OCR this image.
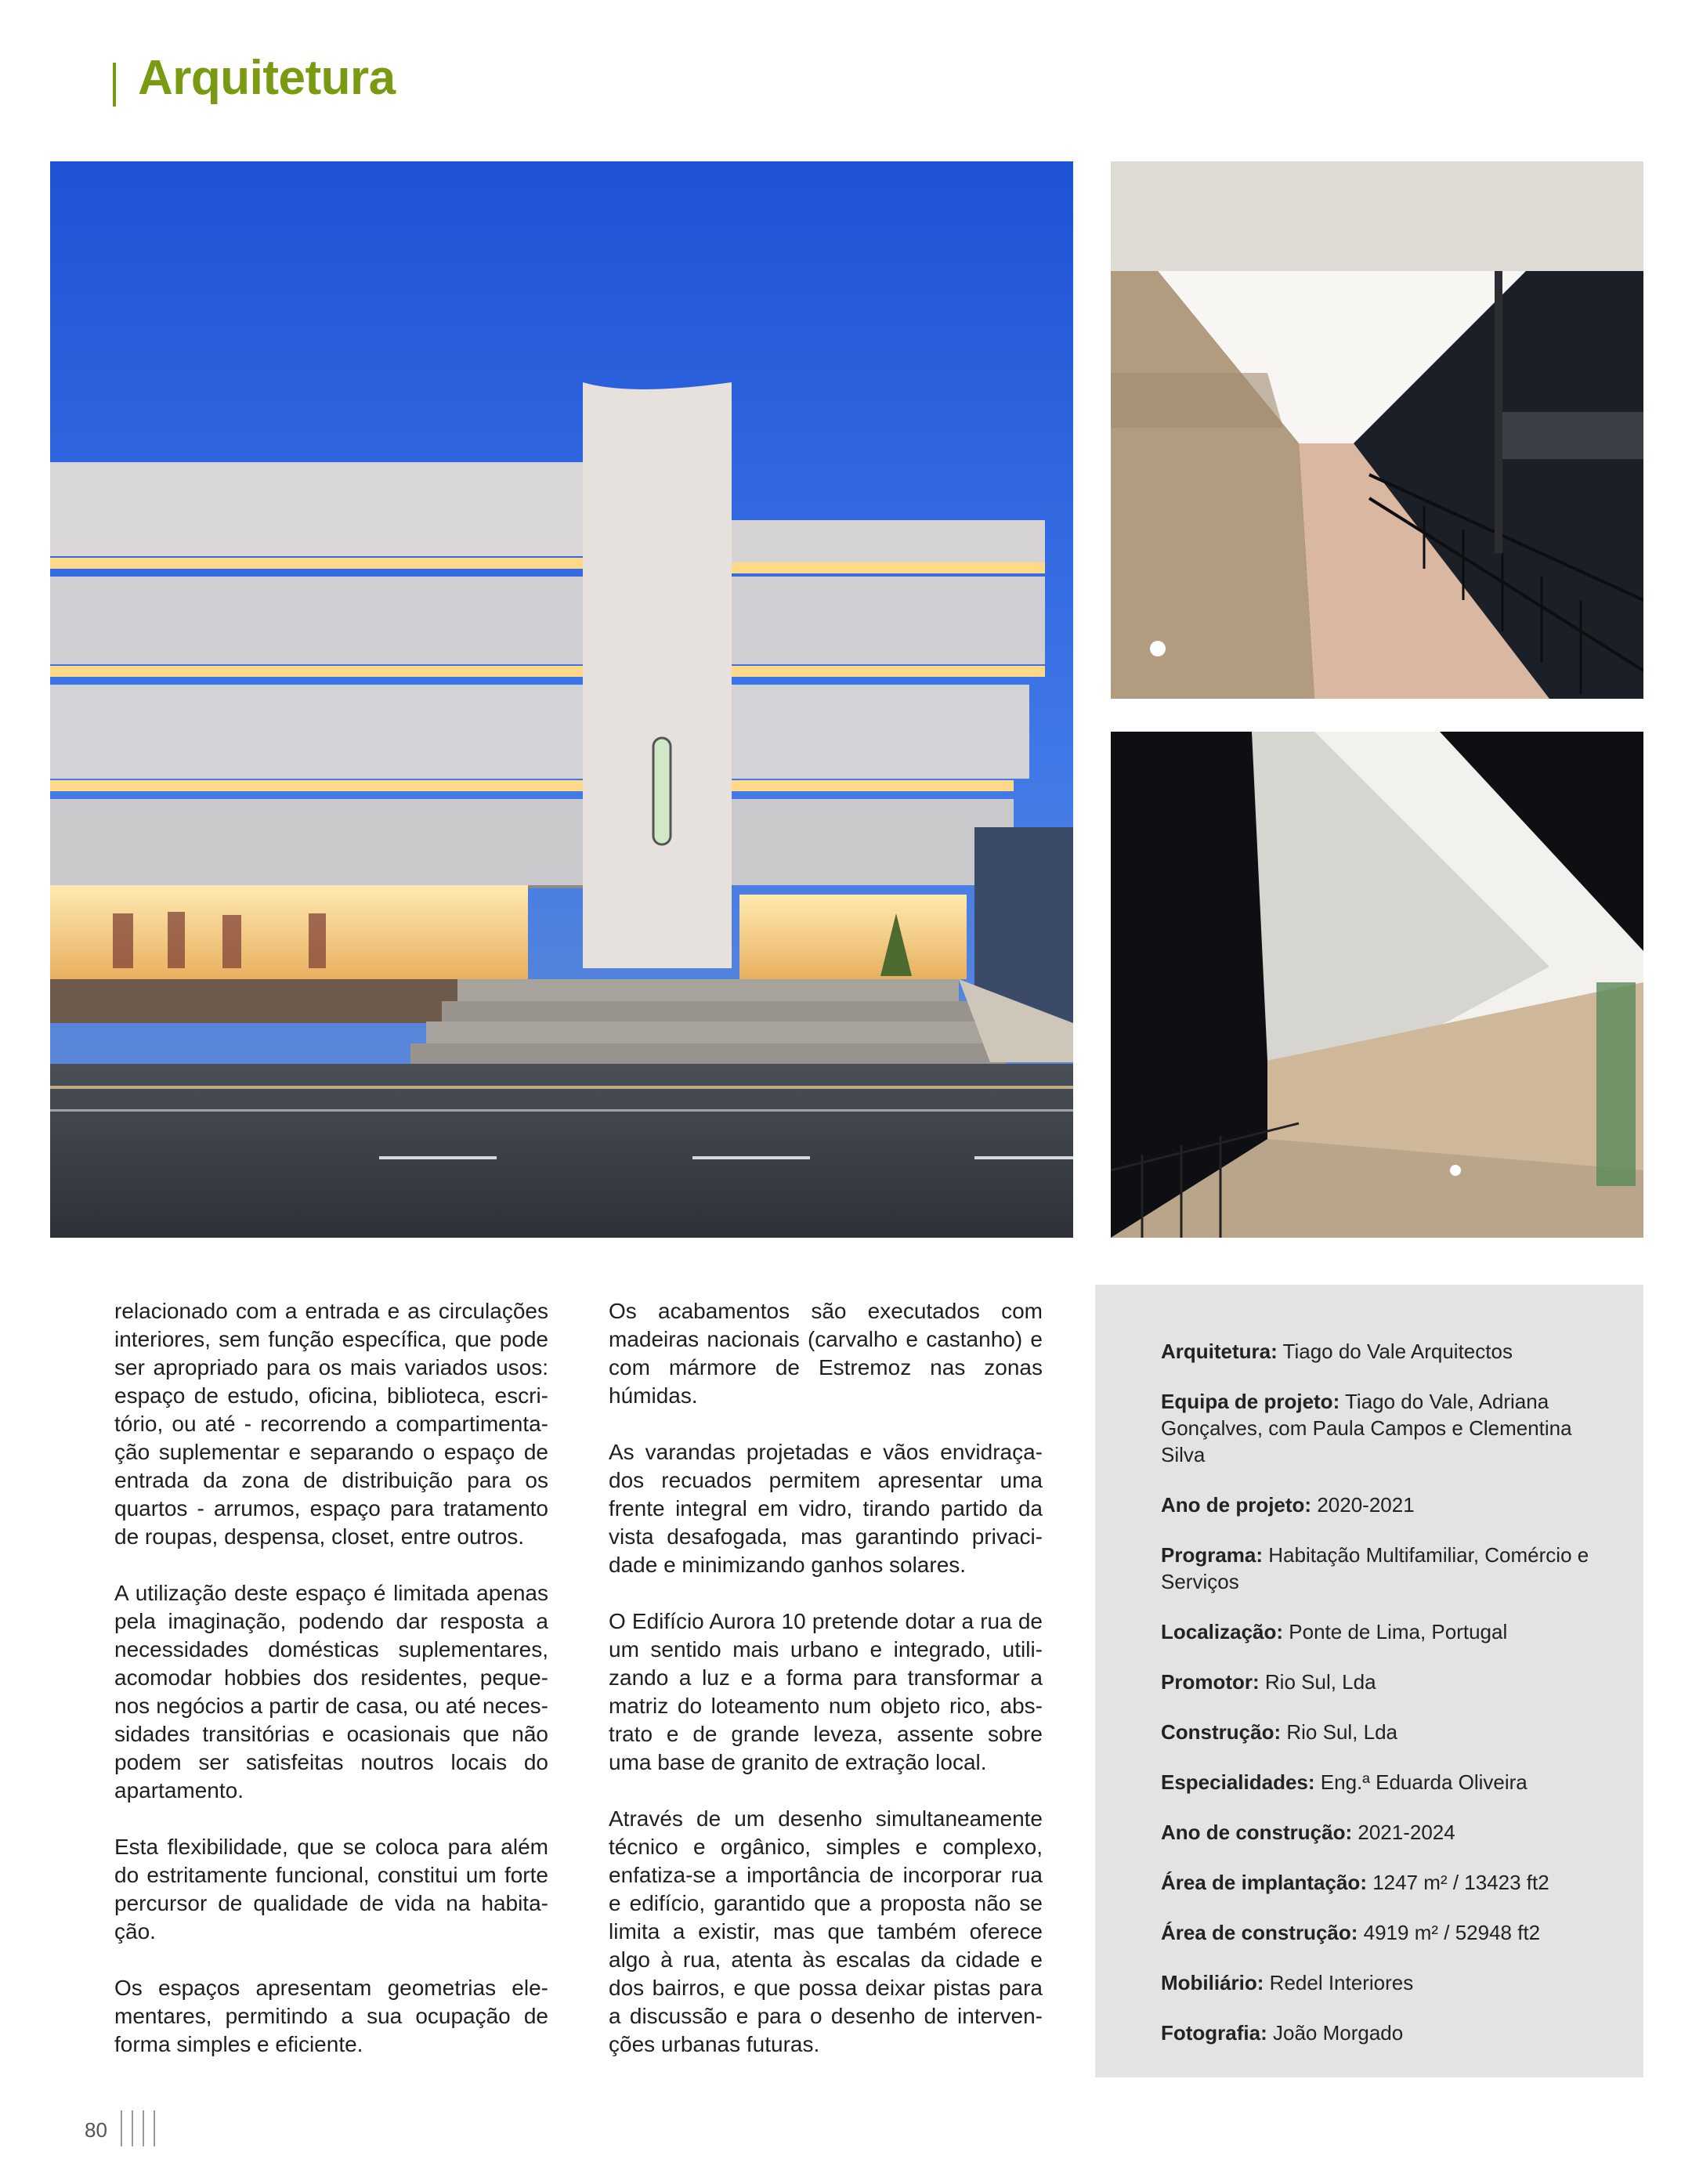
Arquitetura

relacionado com a entrada e as circulações interiores, sem função específica, que pode ser apropriado para os mais variados usos: espaço de estudo, oficina, biblioteca, escritório, ou até - recorrendo a compartimentação suplementar e separando o espaço de entrada da zona de distribuição para os quartos - arrumos, espaço para tratamento de roupas, despensa, closet, entre outros.

A utilização deste espaço é limitada apenas pela imaginação, podendo dar resposta a necessidades domésticas suplementares, acomodar hobbies dos residentes, pequenos negócios a partir de casa, ou até necessidades transitórias e ocasionais que não podem ser satisfeitas noutros locais do apartamento.

Esta flexibilidade, que se coloca para além do estritamente funcional, constitui um forte percursor de qualidade de vida na habitação.

Os espaços apresentam geometrias elementares, permitindo a sua ocupação de forma simples e eficiente.

Os acabamentos são executados com madeiras nacionais (carvalho e castanho) e com mármore de Estremoz nas zonas húmidas.

As varandas projetadas e vãos envidraçados recuados permitem apresentar uma frente integral em vidro, tirando partido da vista desafogada, mas garantindo privacidade e minimizando ganhos solares.

O Edifício Aurora 10 pretende dotar a rua de um sentido mais urbano e integrado, utilizando a luz e a forma para transformar a matriz do loteamento num objeto rico, abstrato e de grande leveza, assente sobre uma base de granito de extração local.

Através de um desenho simultaneamente técnico e orgânico, simples e complexo, enfatiza-se a importância de incorporar rua e edifício, garantido que a proposta não se limita a existir, mas que também oferece algo à rua, atenta às escalas da cidade e dos bairros, e que possa deixar pistas para a discussão e para o desenho de intervenções urbanas futuras.

Arquitetura: Tiago do Vale Arquitectos
Equipa de projeto: Tiago do Vale, Adriana Gonçalves, com Paula Campos e Clementina Silva
Ano de projeto: 2020-2021
Programa: Habitação Multifamiliar, Comércio e Serviços
Localização: Ponte de Lima, Portugal
Promotor: Rio Sul, Lda
Construção: Rio Sul, Lda
Especialidades: Eng.ª Eduarda Oliveira
Ano de construção: 2021-2024
Área de implantação: 1247 m² / 13423 ft2
Área de construção: 4919 m² / 52948 ft2
Mobiliário: Redel Interiores
Fotografia: João Morgado
80
